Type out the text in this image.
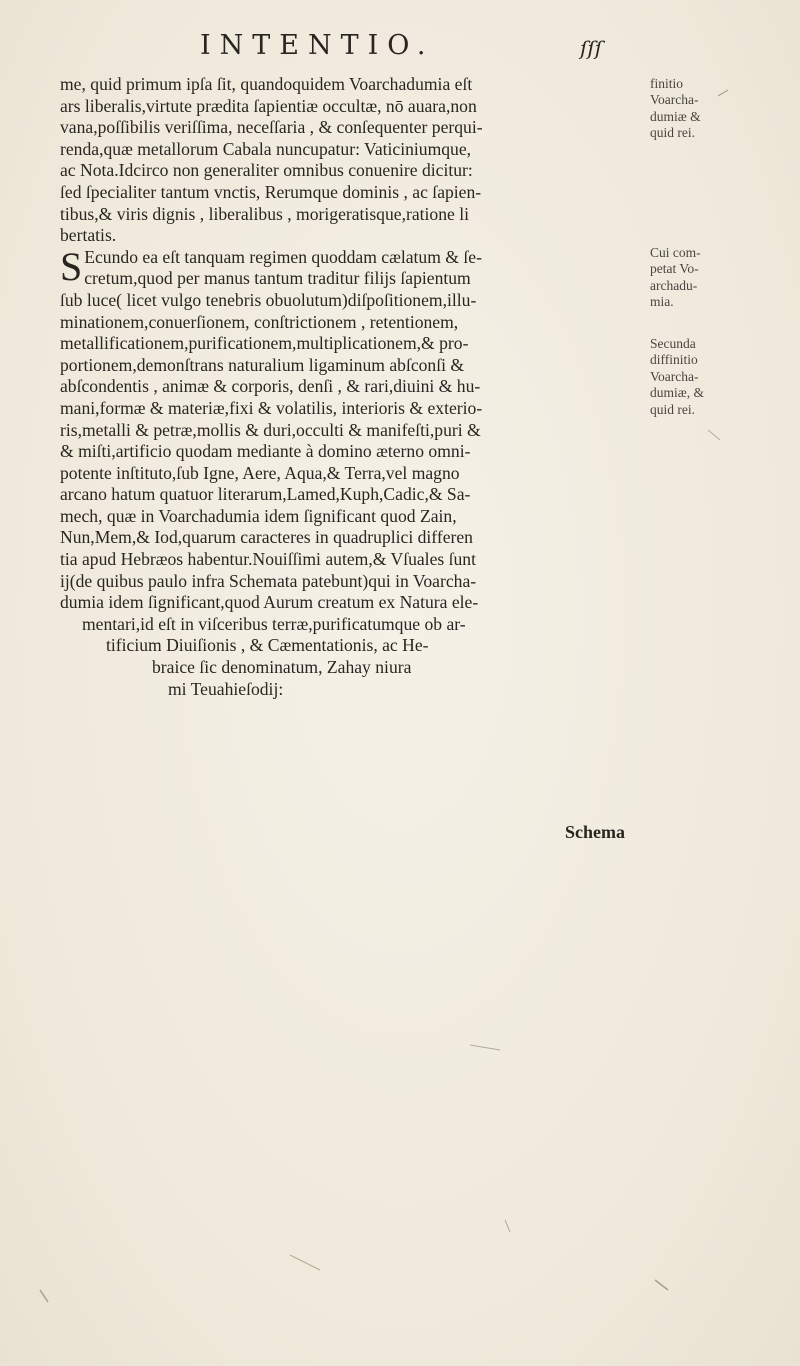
INTENTIO.	ſſſ
me, quid primum ipſa ſit, quandoquidem Voarchadumia eſt
ars liberalis,virtute prædita ſapientiæ occultæ, nō auara,non
vana,poſſibilis veriſſima, neceſſaria , & conſequenter perqui-
renda,quæ metallorum Cabala nuncupatur: Vaticiniumque,
ac Nota.Idcirco non generaliter omnibus conuenire dicitur:
ſed ſpecialiter tantum vnctis, Rerumque dominis , ac ſapien-
tibus,& viris dignis , liberalibus , morigeratisque,ratione li
bertatis.
S Ecundo ea eſt tanquam regimen quoddam cælatum & ſe-
cretum,quod per manus tantum traditur filijs ſapientum
ſub luce( licet vulgo tenebris obuolutum)diſpoſitionem,illu-
minationem,conuerſionem, conſtrictionem , retentionem,
metallificationem,purificationem,multiplicationem,& pro-
portionem,demonſtrans naturalium ligaminum abſconſi &
abſcondentis , animæ & corporis, denſi , & rari,diuini & hu-
mani,formæ & materiæ,fixi & volatilis, interioris & exterio-
ris,metalli & petræ,mollis & duri,occulti & manifeſti,puri &
& miſti,artificio quodam mediante à domino æterno omni-
potente inſtituto,ſub Igne, Aere, Aqua,& Terra,vel magno
arcano hatum quatuor literarum,Lamed,Kuph,Cadic,& Sa-
mech, quæ in Voarchadumia idem ſignificant quod Zain,
Nun,Mem,& Iod,quarum caracteres in quadruplici differen
tia apud Hebræos habentur.Nouiſſimi autem,& Vſuales ſunt
ij(de quibus paulo infra Schemata patebunt)qui in Voarcha-
dumia idem ſignificant,quod Aurum creatum ex Natura ele-
mentari,id eſt in viſceribus terræ,purificatumque ob ar-
tificium Diuiſionis , & Cæmentationis, ac He-
braice ſic denominatum, Zahay niura
mi Teuahieſodij:
finitio
Voarcha-
dumiæ &
quid rei.
Cui com-
petat Vo-
archadu-
mia.
Secunda
diffinitio
Voarcha-
dumiæ, &
quid rei.
Schema
